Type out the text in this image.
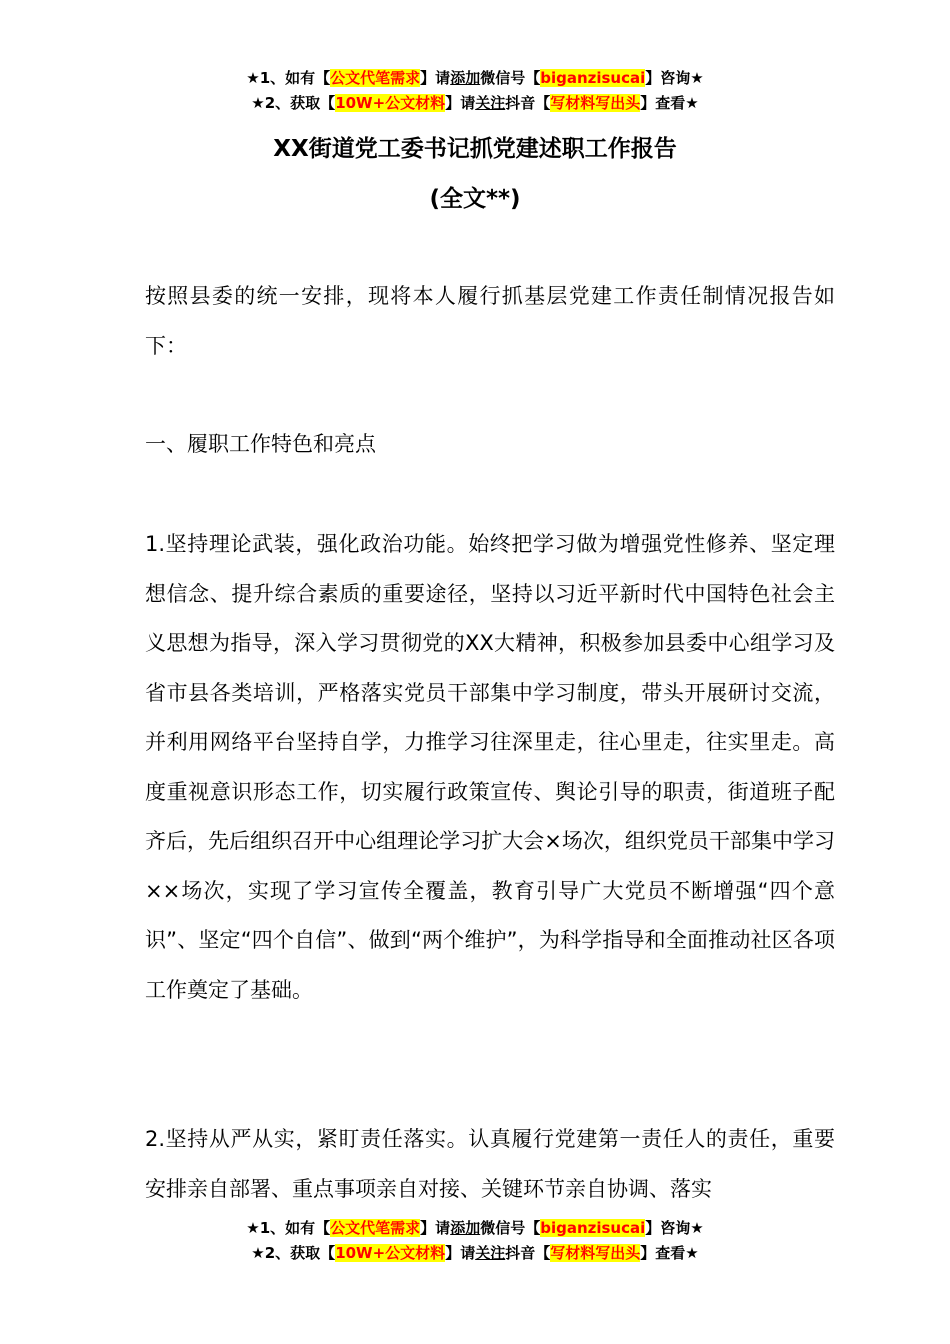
★1、如有【公文代笔需求】请添加微信号【biganzisucai】咨询★
★2、获取【10W+公文材料】请关注抖音【写材料写出头】查看★
XX街道党工委书记抓党建述职工作报告
(全文**)
按照县委的统一安排，现将本人履行抓基层党建工作责任制情况报告如下：
一、履职工作特色和亮点
1.坚持理论武装，强化政治功能。始终把学习做为增强党性修养、坚定理想信念、提升综合素质的重要途径，坚持以习近平新时代中国特色社会主义思想为指导，深入学习贯彻党的XX大精神，积极参加县委中心组学习及省市县各类培训，严格落实党员干部集中学习制度，带头开展研讨交流，并利用网络平台坚持自学，力推学习往深里走，往心里走，往实里走。高度重视意识形态工作，切实履行政策宣传、舆论引导的职责，街道班子配齐后，先后组织召开中心组理论学习扩大会×场次，组织党员干部集中学习××场次，实现了学习宣传全覆盖，教育引导广大党员不断增强“四个意识”、坚定“四个自信”、做到“两个维护”，为科学指导和全面推动社区各项工作奠定了基础。
2.坚持从严从实，紧盯责任落实。认真履行党建第一责任人的责任，重要安排亲自部署、重点事项亲自对接、关键环节亲自协调、落实
★1、如有【公文代笔需求】请添加微信号【biganzisucai】咨询★
★2、获取【10W+公文材料】请关注抖音【写材料写出头】查看★
